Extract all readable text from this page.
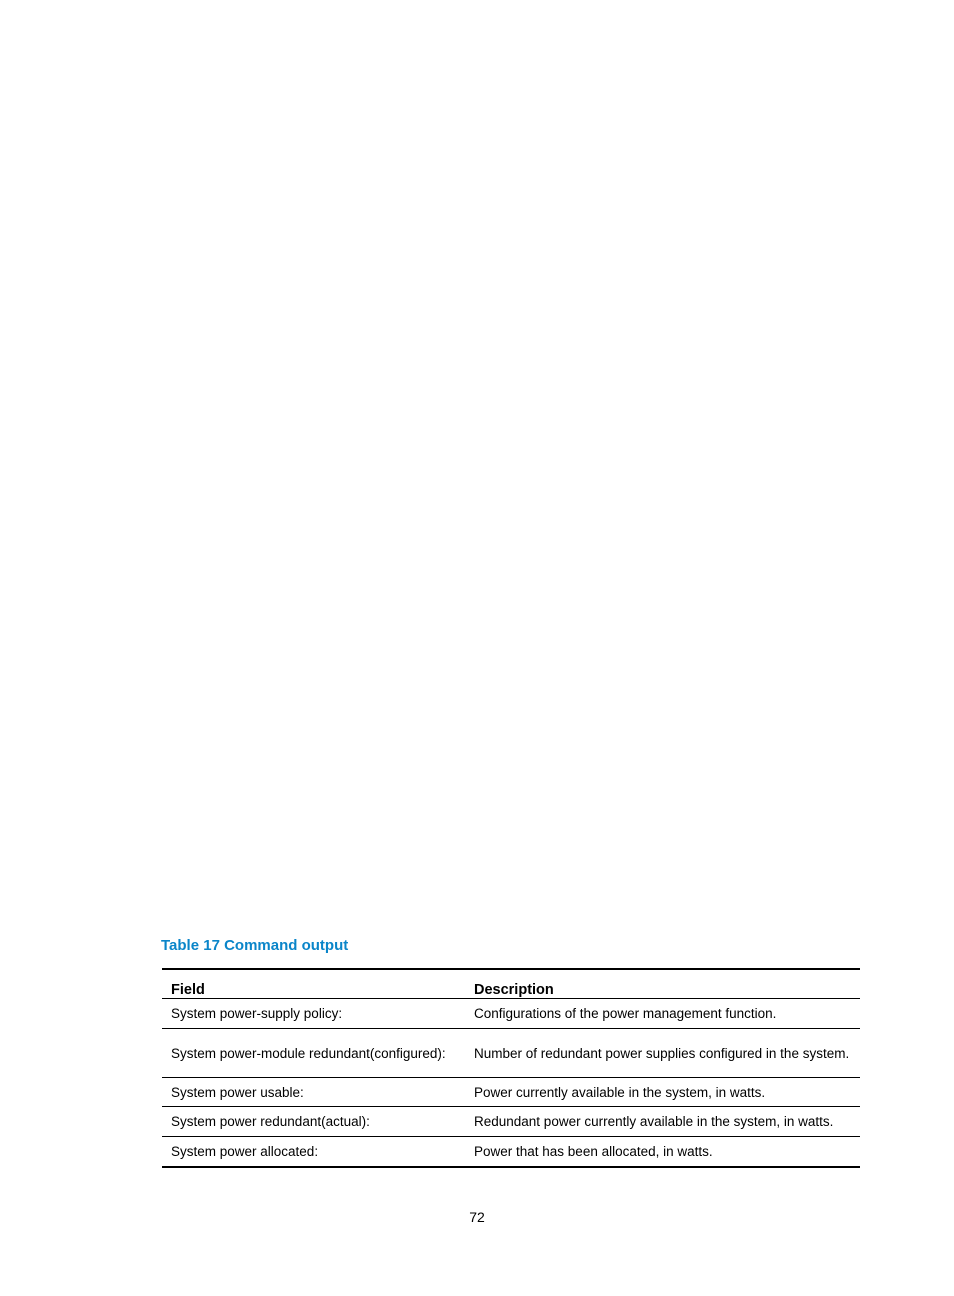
Table 17 Command output
Field	Description
System power-supply policy:	Configurations of the power management function.
System power-module redundant(configured):	Number of redundant power supplies configured in the system.
System power usable:	Power currently available in the system, in watts.
System power redundant(actual):	Redundant power currently available in the system, in watts.
System power allocated:	Power that has been allocated, in watts.
72
